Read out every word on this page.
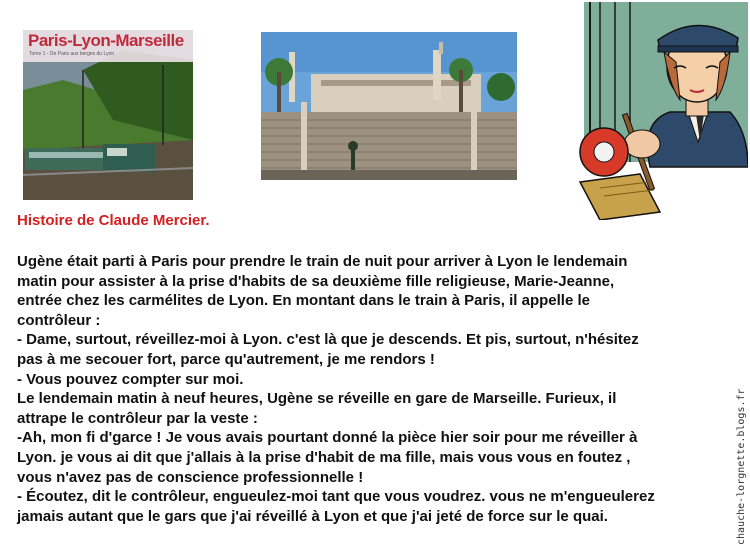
Paris-Lyon-Marseille
Tome 1 - De Paris aux berges du Lyon
Histoire de Claude Mercier.
Ugène était parti à Paris pour prendre le train de nuit pour arriver à Lyon le lendemain
matin pour assister à la prise d'habits de sa deuxième fille religieuse, Marie-Jeanne,
entrée chez les carmélites de Lyon. En montant dans le train à Paris, il appelle le
contrôleur :
- Dame, surtout, réveillez-moi à Lyon. c'est là que je descends. Et pis, surtout, n'hésitez
pas à me secouer fort, parce qu'autrement, je me rendors !
- Vous pouvez compter sur moi.
Le lendemain matin à neuf heures, Ugène se réveille en gare de Marseille. Furieux, il
attrape le contrôleur par la veste :
-Ah, mon fi d'garce ! Je vous avais pourtant donné la pièce hier soir pour me réveiller à
Lyon. je vous ai dit que j'allais à la prise d'habit de ma fille, mais vous vous en foutez ,
vous n'avez pas de conscience professionnelle !
- Écoutez, dit le contrôleur, engueulez-moi tant que vous voudrez. vous ne m'engueulerez
jamais autant que le gars que j'ai réveillé à Lyon et que j'ai jeté de force sur le quai.	chauche-lorgnette.blogs.fr
